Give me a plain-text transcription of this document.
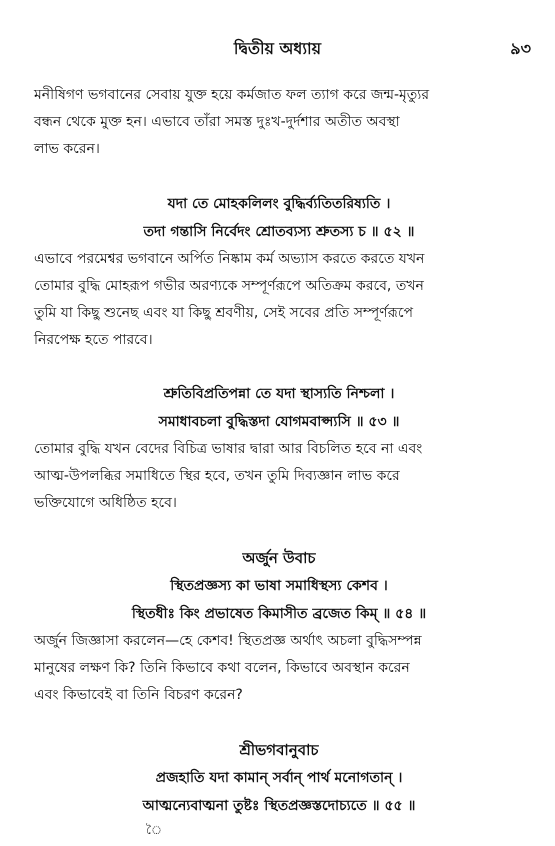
দ্বিতীয় অধ্যায়	৯৩
মনীষিগণ ভগবানের সেবায় যুক্ত হয়ে কর্মজাত ফল ত্যাগ করে জন্ম-মৃত্যুর
বন্ধন থেকে মুক্ত হন। এভাবে তাঁরা সমস্ত দুঃখ-দুর্দশার অতীত অবস্থা
লাভ করেন।
যদা তে মোহকলিলং বুদ্ধির্ব্যতিতরিষ্যতি ।
তদা গন্তাসি নির্বেদং শ্রোতব্যস্য শ্রুতস্য চ ॥ ৫২ ॥
এভাবে পরমেশ্বর ভগবানে অর্পিত নিষ্কাম কর্ম অভ্যাস করতে করতে যখন
তোমার বুদ্ধি মোহরূপ গভীর অরণ্যকে সম্পূর্ণরূপে অতিক্রম করবে, তখন
তুমি যা কিছু শুনেছ এবং যা কিছু শ্রবণীয়, সেই সবের প্রতি সম্পূর্ণরূপে
নিরপেক্ষ হতে পারবে।
শ্রুতিবিপ্রতিপন্না তে যদা স্থাস্যতি নিশ্চলা ।
সমাধাবচলা বুদ্ধিস্তদা যোগমবাপ্স্যসি ॥ ৫৩ ॥
তোমার বুদ্ধি যখন বেদের বিচিত্র ভাষার দ্বারা আর বিচলিত হবে না এবং
আত্ম-উপলব্ধির সমাধিতে স্থির হবে, তখন তুমি দিব্যজ্ঞান লাভ করে
ভক্তিযোগে অধিষ্ঠিত হবে।
অর্জুন উবাচ
স্থিতপ্রজ্ঞস্য কা ভাষা সমাধিস্থস্য কেশব ।
স্থিতধীঃ কিং প্রভাষেত কিমাসীত ব্রজেত কিম্ ॥ ৫৪ ॥
অর্জুন জিজ্ঞাসা করলেন—হে কেশব! স্থিতপ্রজ্ঞ অর্থাৎ অচলা বুদ্ধিসম্পন্ন
মানুষের লক্ষণ কি? তিনি কিভাবে কথা বলেন, কিভাবে অবস্থান করেন
এবং কিভাবেই বা তিনি বিচরণ করেন?
শ্রীভগবানুবাচ
প্রজহাতি যদা কামান্ সর্বান্ পার্থ মনোগতান্ ।
আত্মন্যেবাত্মনা তুষ্টঃ স্থিতপ্রজ্ঞস্তদোচ্যতে ॥ ৫৫ ॥
ৈ
